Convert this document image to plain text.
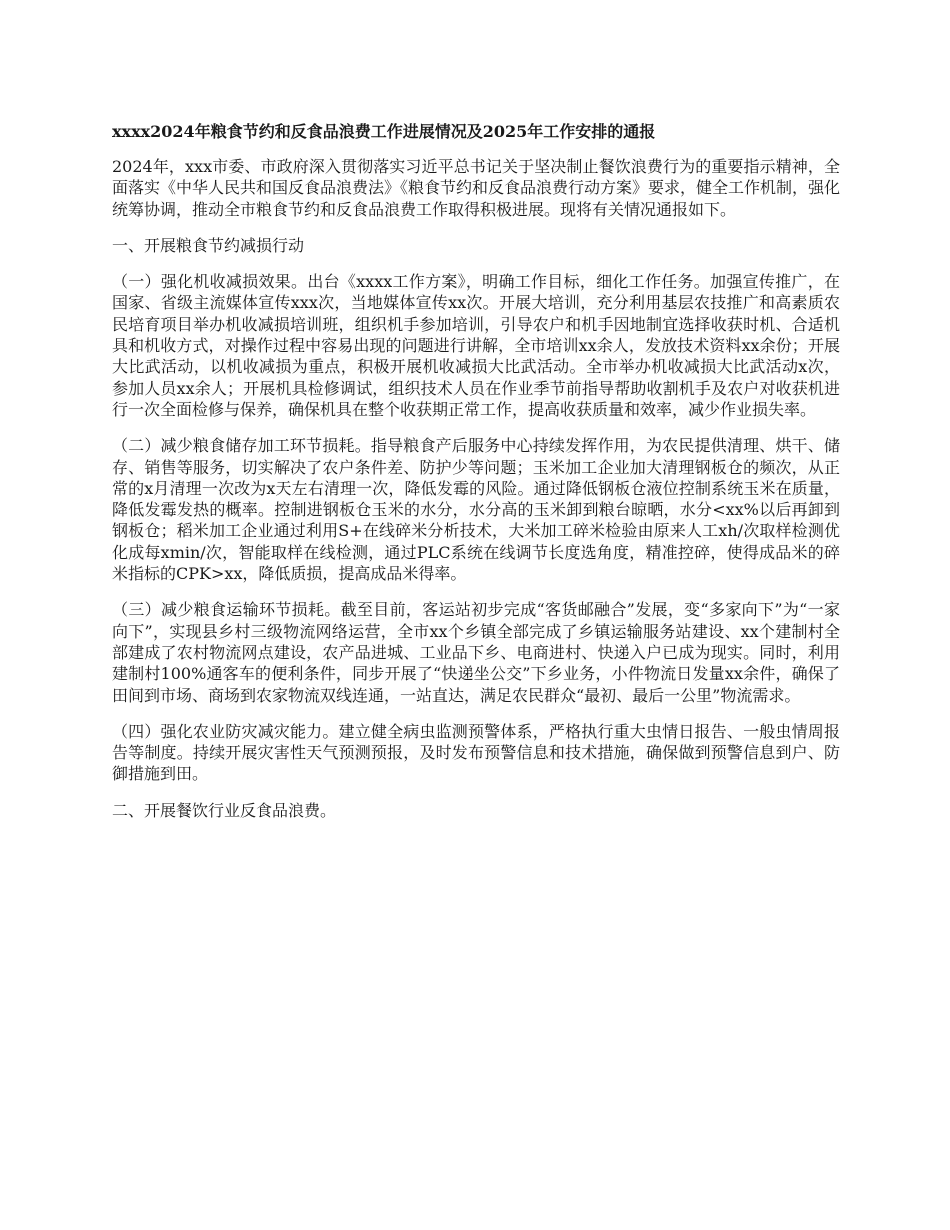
xxxx2024年粮食节约和反食品浪费工作进展情况及2025年工作安排的通报

2024年，xxx市委、市政府深入贯彻落实习近平总书记关于坚决制止餐饮浪费行为的重要指示精神，全面落实《中华人民共和国反食品浪费法》《粮食节约和反食品浪费行动方案》要求，健全工作机制，强化统筹协调，推动全市粮食节约和反食品浪费工作取得积极进展。现将有关情况通报如下。

一、开展粮食节约减损行动

（一）强化机收减损效果。出台《xxxx工作方案》，明确工作目标，细化工作任务。加强宣传推广，在国家、省级主流媒体宣传xxx次，当地媒体宣传xx次。开展大培训，充分利用基层农技推广和高素质农民培育项目举办机收减损培训班，组织机手参加培训，引导农户和机手因地制宜选择收获时机、合适机具和机收方式，对操作过程中容易出现的问题进行讲解，全市培训xx余人，发放技术资料xx余份；开展大比武活动，以机收减损为重点，积极开展机收减损大比武活动。全市举办机收减损大比武活动x次，参加人员xx余人；开展机具检修调试，组织技术人员在作业季节前指导帮助收割机手及农户对收获机进行一次全面检修与保养，确保机具在整个收获期正常工作，提高收获质量和效率，减少作业损失率。

（二）减少粮食储存加工环节损耗。指导粮食产后服务中心持续发挥作用，为农民提供清理、烘干、储存、销售等服务，切实解决了农户条件差、防护少等问题；玉米加工企业加大清理钢板仓的频次，从正常的x月清理一次改为x天左右清理一次，降低发霉的风险。通过降低钢板仓液位控制系统玉米在质量，降低发霉发热的概率。控制进钢板仓玉米的水分，水分高的玉米卸到粮台晾晒，水分<xx%以后再卸到钢板仓；稻米加工企业通过利用S+在线碎米分析技术，大米加工碎米检验由原来人工xh/次取样检测优化成每xmin/次，智能取样在线检测，通过PLC系统在线调节长度选角度，精准控碎，使得成品米的碎米指标的CPK>xx，降低质损，提高成品米得率。

（三）减少粮食运输环节损耗。截至目前，客运站初步完成“客货邮融合”发展，变“多家向下”为“一家向下”，实现县乡村三级物流网络运营，全市xx个乡镇全部完成了乡镇运输服务站建设、xx个建制村全部建成了农村物流网点建设，农产品进城、工业品下乡、电商进村、快递入户已成为现实。同时，利用建制村100%通客车的便利条件，同步开展了“快递坐公交”下乡业务，小件物流日发量xx余件，确保了田间到市场、商场到农家物流双线连通，一站直达，满足农民群众“最初、最后一公里”物流需求。

（四）强化农业防灾减灾能力。建立健全病虫监测预警体系，严格执行重大虫情日报告、一般虫情周报告等制度。持续开展灾害性天气预测预报，及时发布预警信息和技术措施，确保做到预警信息到户、防御措施到田。

二、开展餐饮行业反食品浪费。
